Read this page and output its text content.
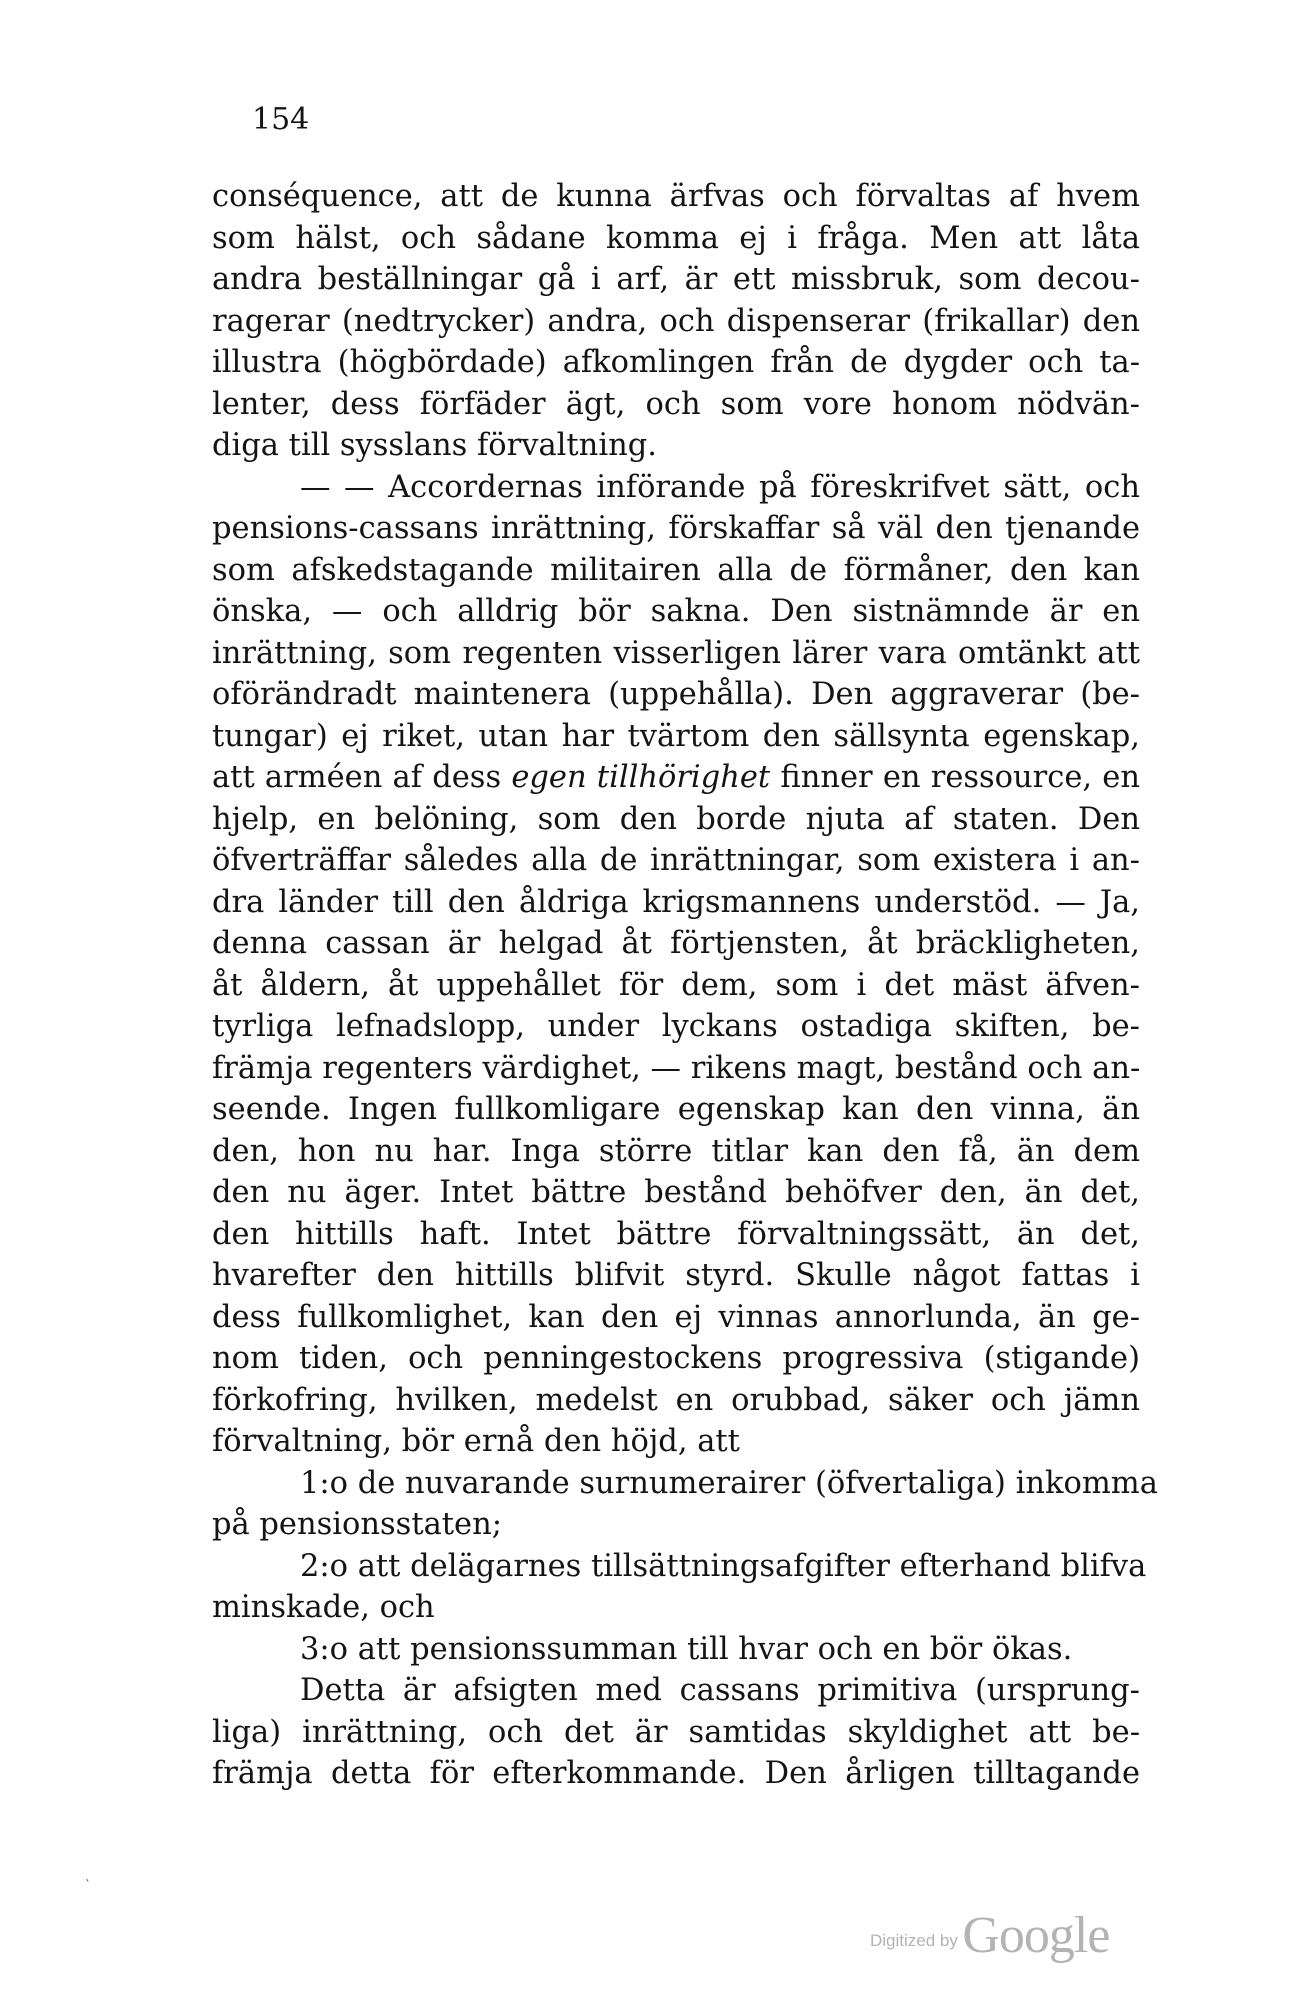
154
conséquence, att de kunna ärfvas och förvaltas af hvem
som hälst, och sådane komma ej i fråga. Men att låta
andra beställningar gå i arf, är ett missbruk, som decou-
ragerar (nedtrycker) andra, och dispenserar (frikallar) den
illustra (högbördade) afkomlingen från de dygder och ta-
lenter, dess förfäder ägt, och som vore honom nödvän-
diga till sysslans förvaltning.
— — Accordernas införande på föreskrifvet sätt, och
pensions-cassans inrättning, förskaffar så väl den tjenande
som afskedstagande militairen alla de förmåner, den kan
önska, — och alldrig bör sakna. Den sistnämnde är en
inrättning, som regenten visserligen lärer vara omtänkt att
oförändradt maintenera (uppehålla). Den aggraverar (be-
tungar) ej riket, utan har tvärtom den sällsynta egenskap,
att arméen af dess egen tillhörighet finner en ressource, en
hjelp, en belöning, som den borde njuta af staten. Den
öfverträffar således alla de inrättningar, som existera i an-
dra länder till den åldriga krigsmannens understöd. — Ja,
denna cassan är helgad åt förtjensten, åt bräckligheten,
åt åldern, åt uppehållet för dem, som i det mäst äfven-
tyrliga lefnadslopp, under lyckans ostadiga skiften, be-
främja regenters värdighet, — rikens magt, bestånd och an-
seende. Ingen fullkomligare egenskap kan den vinna, än
den, hon nu har. Inga större titlar kan den få, än dem
den nu äger. Intet bättre bestånd behöfver den, än det,
den hittills haft. Intet bättre förvaltningssätt, än det,
hvarefter den hittills blifvit styrd. Skulle något fattas i
dess fullkomlighet, kan den ej vinnas annorlunda, än ge-
nom tiden, och penningestockens progressiva (stigande)
förkofring, hvilken, medelst en orubbad, säker och jämn
förvaltning, bör ernå den höjd, att
1:o de nuvarande surnumerairer (öfvertaliga) inkomma
på pensionsstaten;
2:o att delägarnes tillsättningsafgifter efterhand blifva
minskade, och
3:o att pensionssumman till hvar och en bör ökas.
Detta är afsigten med cassans primitiva (ursprung-
liga) inrättning, och det är samtidas skyldighet att be-
främja detta för efterkommande. Den årligen tilltagande
`
Digitized by Google
